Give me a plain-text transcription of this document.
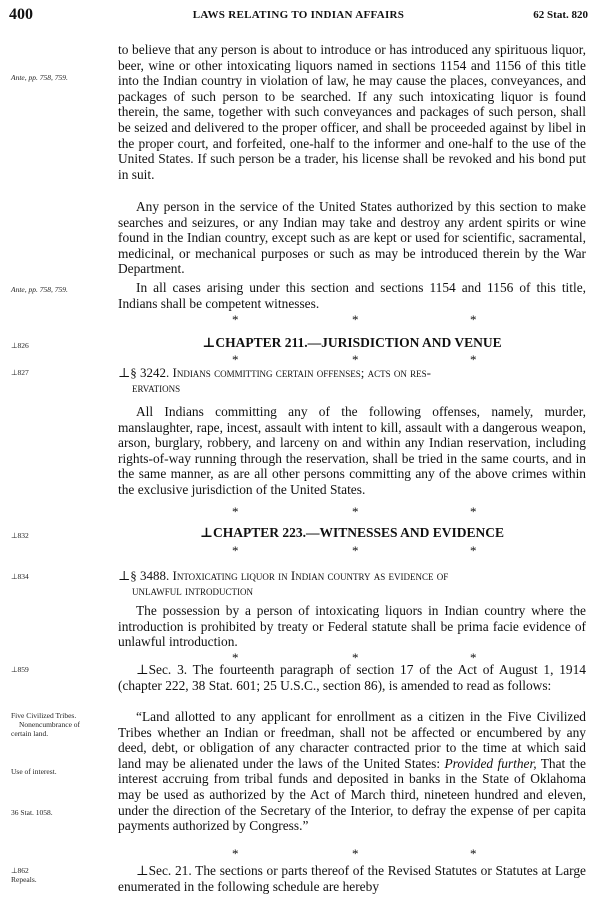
400	LAWS RELATING TO INDIAN AFFAIRS	62 Stat. 820
Ante, pp. 758, 759.
Ante, pp. 758, 759.
⊥826
⊥827
⊥832
⊥834
⊥859
Five Civilized Tribes.
Nonencumbrance of
certain land.
Use of interest.
36 Stat. 1058.
⊥862
Repeals.

to believe that any person is about to introduce or has introduced any spirituous liquor, beer, wine or other intoxicating liquors named in sections 1154 and 1156 of this title into the Indian country in violation of law, he may cause the places, conveyances, and packages of such person to be searched. If any such intoxicating liquor is found therein, the same, together with such conveyances and packages of such person, shall be seized and delivered to the proper officer, and shall be proceeded against by libel in the proper court, and forfeited, one-half to the informer and one-half to the use of the United States. If such person be a trader, his license shall be revoked and his bond put in suit.

Any person in the service of the United States authorized by this section to make searches and seizures, or any Indian may take and destroy any ardent spirits or wine found in the Indian country, except such as are kept or used for scientific, sacramental, medicinal, or mechanical purposes or such as may be introduced therein by the War Department.

In all cases arising under this section and sections 1154 and 1156 of this title, Indians shall be competent witnesses.

*	*	*
⊥CHAPTER 211.—JURISDICTION AND VENUE
*	*	*
⊥§ 3242. Indians committing certain offenses; acts on res-
ervations

All Indians committing any of the following offenses, namely, murder, manslaughter, rape, incest, assault with intent to kill, assault with a dangerous weapon, arson, burglary, robbery, and larceny on and within any Indian reservation, including rights-of-way running through the reservation, shall be tried in the same courts, and in the same manner, as are all other persons committing any of the above crimes within the exclusive jurisdiction of the United States.

*	*	*
⊥CHAPTER 223.—WITNESSES AND EVIDENCE
*	*	*
⊥§ 3488. Intoxicating liquor in Indian country as evidence of
unlawful introduction

The possession by a person of intoxicating liquors in Indian country where the introduction is prohibited by treaty or Federal statute shall be prima facie evidence of unlawful introduction.

*	*	*

⊥Sec. 3. The fourteenth paragraph of section 17 of the Act of August 1, 1914 (chapter 222, 38 Stat. 601; 25 U.S.C., section 86), is amended to read as follows:

“Land allotted to any applicant for enrollment as a citizen in the Five Civilized Tribes whether an Indian or freedman, shall not be affected or encumbered by any deed, debt, or obligation of any character contracted prior to the time at which said land may be alienated under the laws of the United States: Provided further, That the interest accruing from tribal funds and deposited in banks in the State of Oklahoma may be used as authorized by the Act of March third, nineteen hundred and eleven, under the direction of the Secretary of the Interior, to defray the expense of per capita payments authorized by Congress.”

*	*	*

⊥Sec. 21. The sections or parts thereof of the Revised Statutes or Statutes at Large enumerated in the following schedule are hereby
